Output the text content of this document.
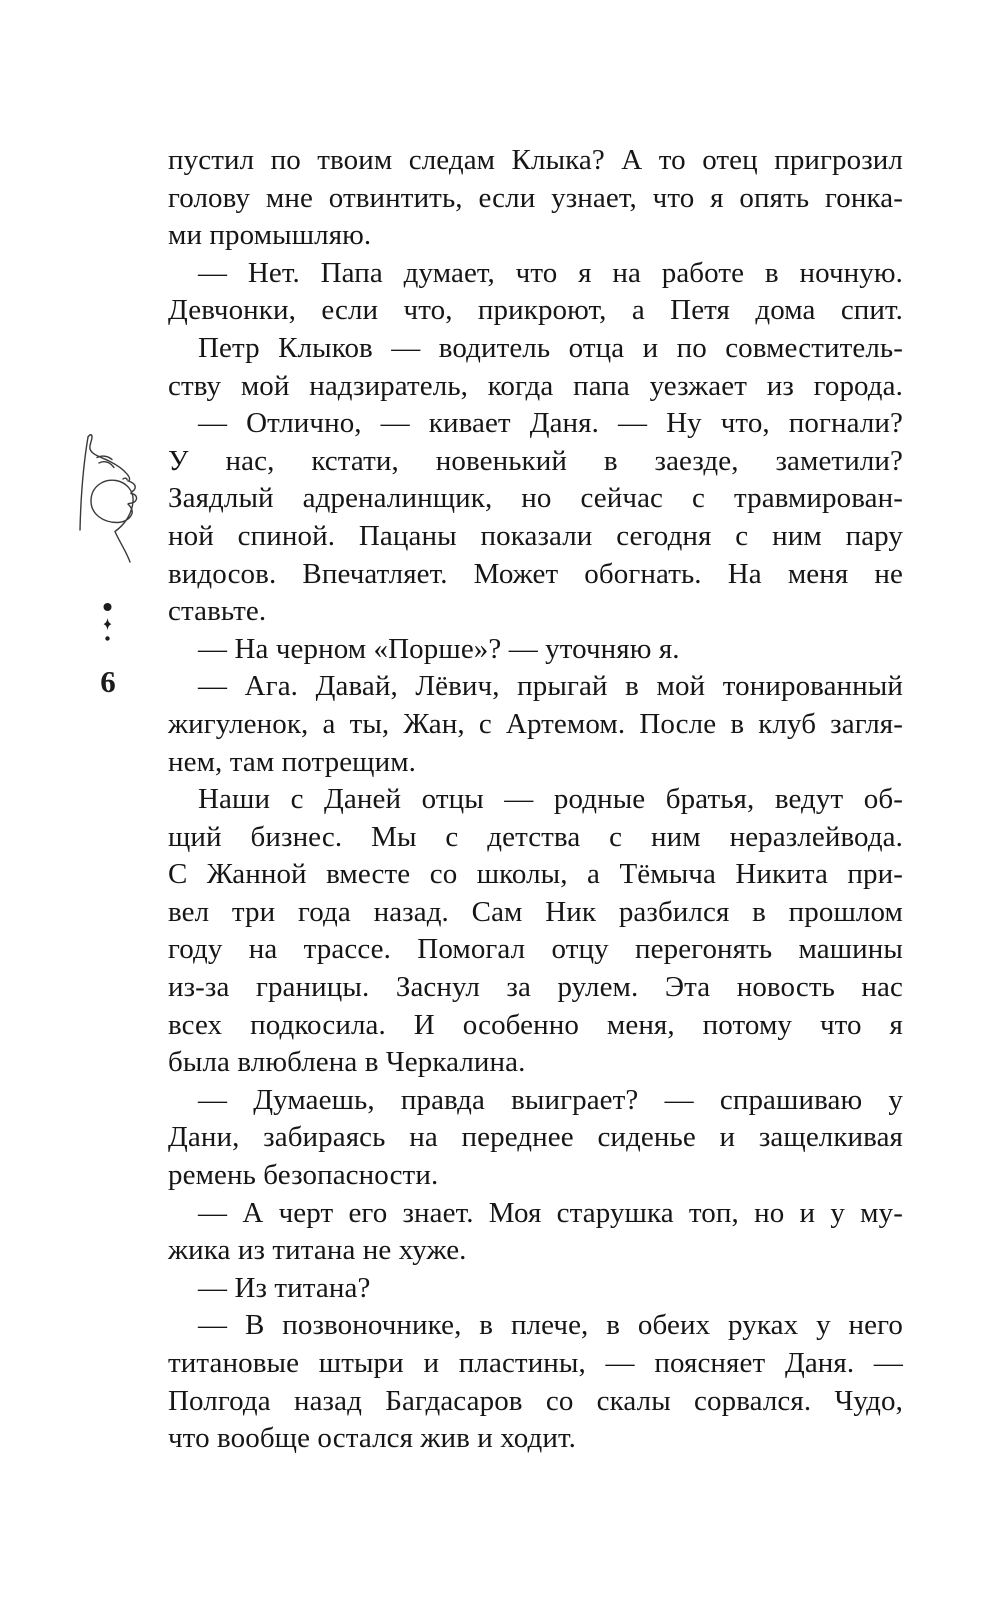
6
пустил по твоим следам Клыка? А то отец пригрозил
голову мне отвинтить, если узнает, что я опять гонка-
ми промышляю.
— Нет. Папа думает, что я на работе в ночную.
Девчонки, если что, прикроют, а Петя дома спит.
Петр Клыков — водитель отца и по совместитель-
ству мой надзиратель, когда папа уезжает из города.
— Отлично, — кивает Даня. — Ну что, погнали?
У нас, кстати, новенький в заезде, заметили?
Заядлый адреналинщик, но сейчас с травмирован-
ной спиной. Пацаны показали сегодня с ним пару
видосов. Впечатляет. Может обогнать. На меня не
ставьте.
— На черном «Порше»? — уточняю я.
— Ага. Давай, Лёвич, прыгай в мой тонированный
жигуленок, а ты, Жан, с Артемом. После в клуб загля-
нем, там потрещим.
Наши с Даней отцы — родные братья, ведут об-
щий бизнес. Мы с детства с ним неразлейвода.
С Жанной вместе со школы, а Тёмыча Никита при-
вел три года назад. Сам Ник разбился в прошлом
году на трассе. Помогал отцу перегонять машины
из-за границы. Заснул за рулем. Эта новость нас
всех подкосила. И особенно меня, потому что я
была влюблена в Черкалина.
— Думаешь, правда выиграет? — спрашиваю у
Дани, забираясь на переднее сиденье и защелкивая
ремень безопасности.
— А черт его знает. Моя старушка топ, но и у му-
жика из титана не хуже.
— Из титана?
— В позвоночнике, в плече, в обеих руках у него
титановые штыри и пластины, — поясняет Даня. —
Полгода назад Багдасаров со скалы сорвался. Чудо,
что вообще остался жив и ходит.
